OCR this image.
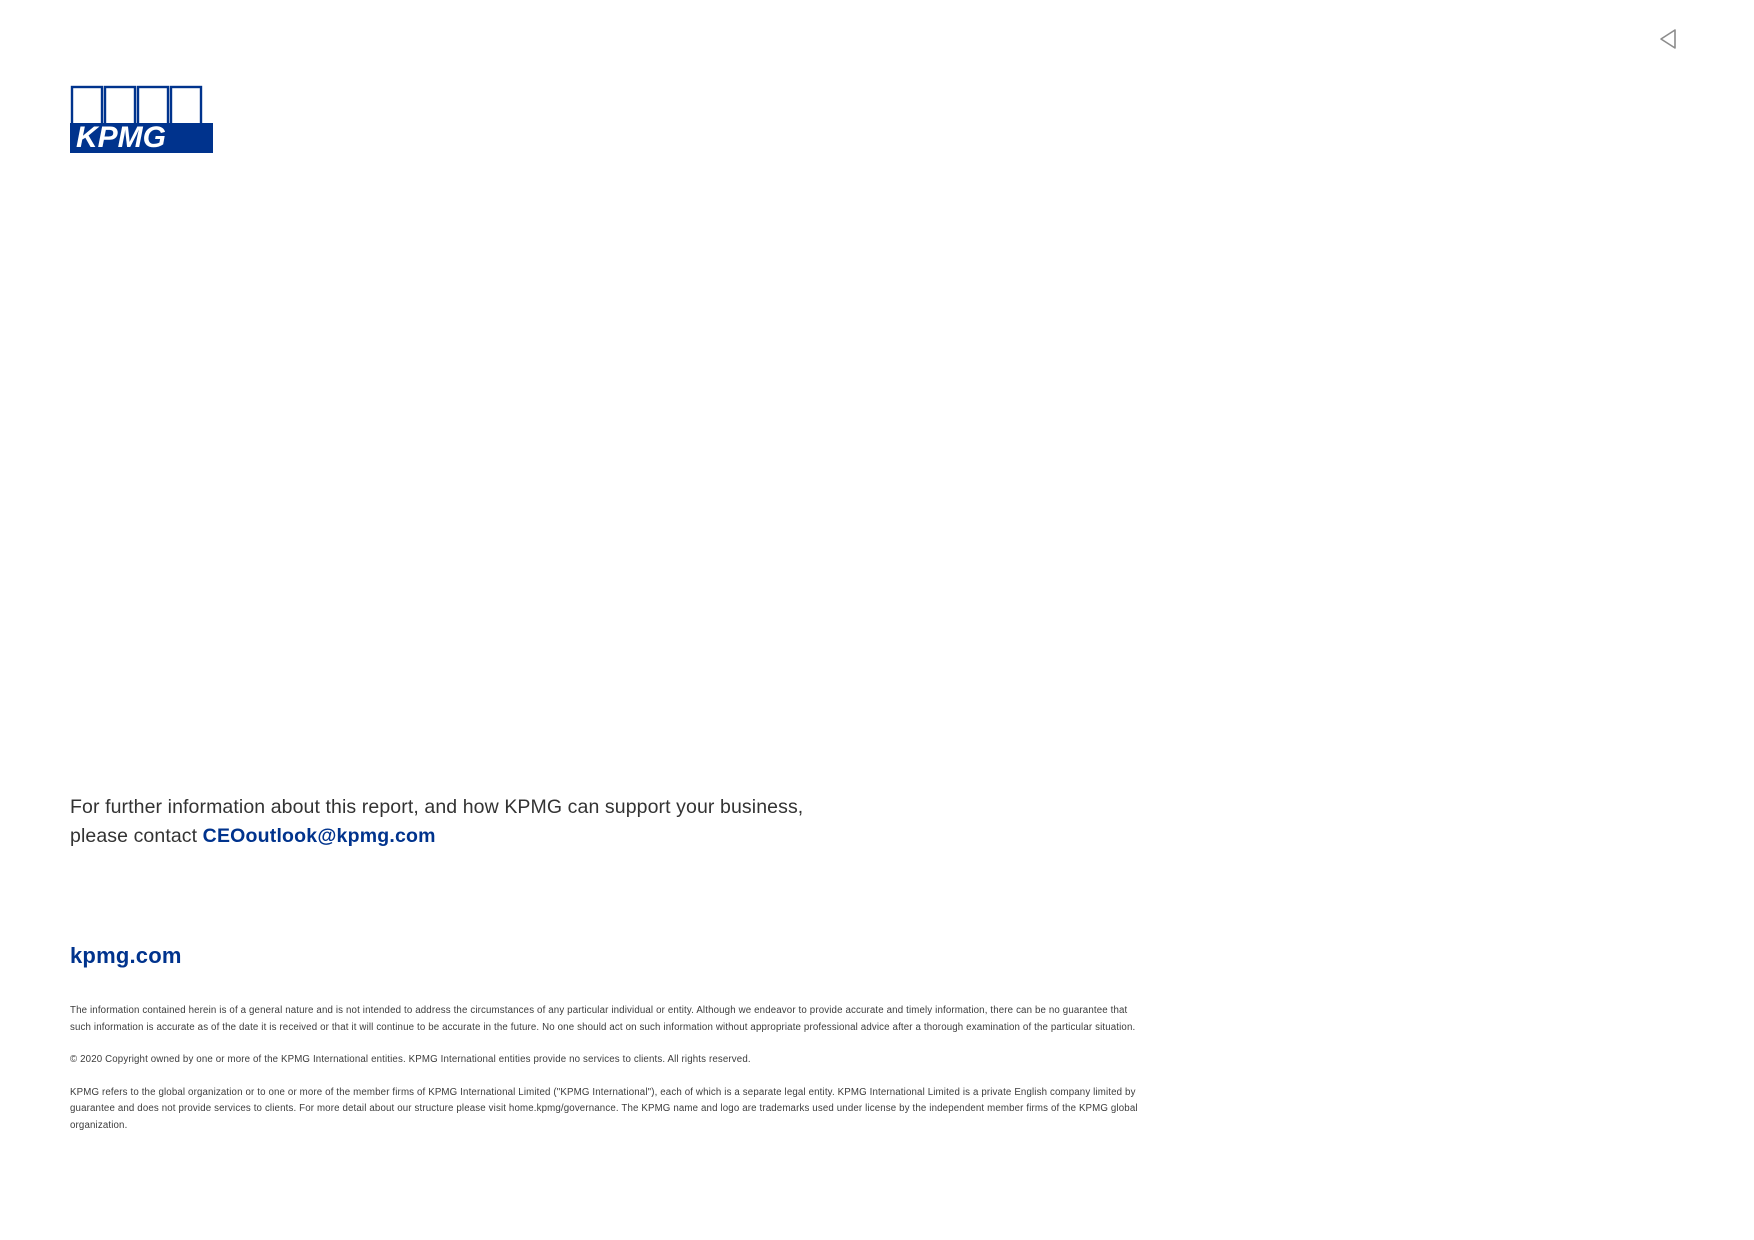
KPMG
For further information about this report, and how KPMG can support your business,
please contact CEOoutlook@kpmg.com
kpmg.com

The information contained herein is of a general nature and is not intended to address the circumstances of any particular individual or entity. Although we endeavor to provide accurate and timely information, there can be no guarantee that such information is accurate as of the date it is received or that it will continue to be accurate in the future. No one should act on such information without appropriate professional advice after a thorough examination of the particular situation.

© 2020 Copyright owned by one or more of the KPMG International entities. KPMG International entities provide no services to clients. All rights reserved.

KPMG refers to the global organization or to one or more of the member firms of KPMG International Limited ("KPMG International"), each of which is a separate legal entity. KPMG International Limited is a private English company limited by guarantee and does not provide services to clients. For more detail about our structure please visit home.kpmg/governance. The KPMG name and logo are trademarks used under license by the independent member firms of the KPMG global organization.
